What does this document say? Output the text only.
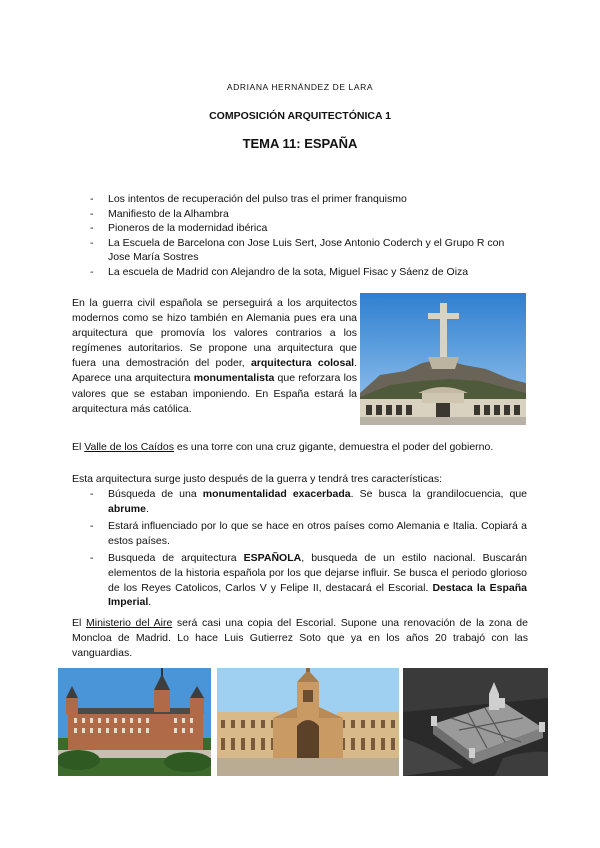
ADRIANA HERNÁNDEZ DE LARA
COMPOSICIÓN ARQUITECTÓNICA 1
TEMA 11: ESPAÑA
- Los intentos de recuperación del pulso tras el primer franquismo
- Manifiesto de la Alhambra
- Pioneros de la modernidad ibérica
- La Escuela de Barcelona con Jose Luis Sert, Jose Antonio Coderch y el Grupo R con Jose María Sostres
- La escuela de Madrid con Alejandro de la sota, Miguel Fisac y Sáenz de Oiza

En la guerra civil española se perseguirá a los arquitectos modernos como se hizo también en Alemania pues era una arquitectura que promovía los valores contrarios a los regímenes autoritarios. Se propone una arquitectura que fuera una demostración del poder, arquitectura colosal. Aparece una arquitectura monumentalista que reforzara los valores que se estaban imponiendo. En España estará la arquitectura más católica.

El Valle de los Caídos es una torre con una cruz gigante, demuestra el poder del gobierno.

Esta arquitectura surge justo después de la guerra y tendrá tres características:

- Búsqueda de una monumentalidad exacerbada. Se busca la grandilocuencia, que abrume.
- Estará influenciado por lo que se hace en otros países como Alemania e Italia. Copiará a estos países.
- Busqueda de arquitectura ESPAÑOLA, busqueda de un estilo nacional. Buscarán elementos de la historia española por los que dejarse influir. Se busca el periodo glorioso de los Reyes Catolicos, Carlos V y Felipe II, destacará el Escorial. Destaca la España Imperial.

El Ministerio del Aire será casi una copia del Escorial. Supone una renovación de la zona de Moncloa de Madrid. Lo hace Luis Gutierrez Soto que ya en los años 20 trabajó con las vanguardias.
